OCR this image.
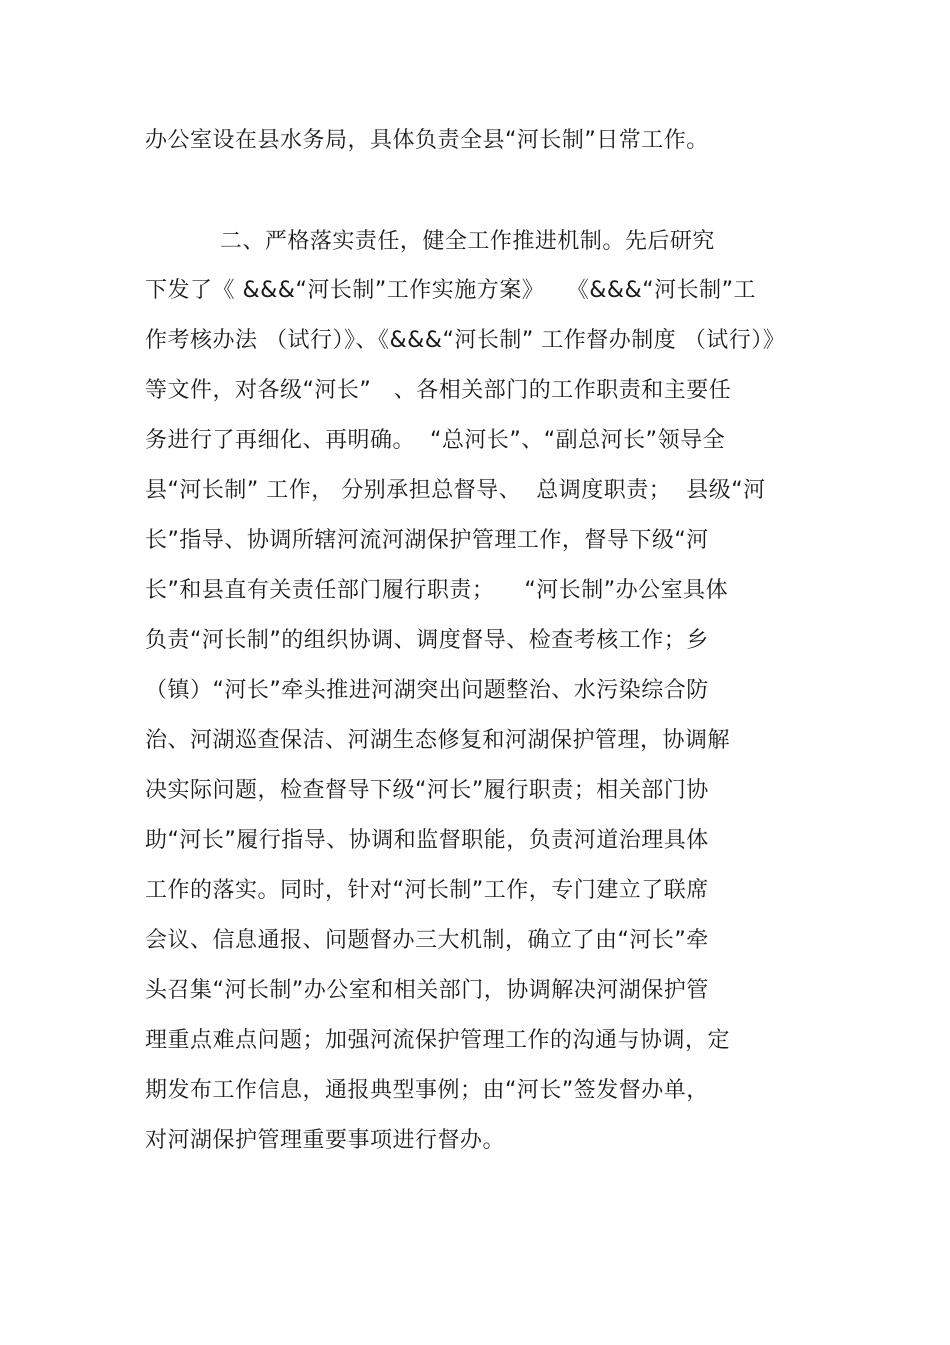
办公室设在县水务局，具体负责全县“河长制”日常工作。
二、严格落实责任，健全工作推进机制。先后研究
下发了《 &&&“河长制”工作实施方案》   《&&&“河长制”工
作考核办法 （试行）》、《&&&“河长制” 工作督办制度 （试行）》
等文件，对各级“河长”   、各相关部门的工作职责和主要任
务进行了再细化、再明确。  “总河长”、“副总河长”领导全
县“河长制” 工作， 分别承担总督导、  总调度职责；  县级“河
长”指导、协调所辖河流河湖保护管理工作，督导下级“河
长”和县直有关责任部门履行职责；    “河长制”办公室具体
负责“河长制”的组织协调、调度督导、检查考核工作；乡
（镇）“河长”牵头推进河湖突出问题整治、水污染综合防
治、河湖巡查保洁、河湖生态修复和河湖保护管理，协调解
决实际问题，检查督导下级“河长”履行职责；相关部门协
助“河长”履行指导、协调和监督职能，负责河道治理具体
工作的落实。同时，针对“河长制”工作，专门建立了联席
会议、信息通报、问题督办三大机制，确立了由“河长”牵
头召集“河长制”办公室和相关部门，协调解决河湖保护管
理重点难点问题；加强河流保护管理工作的沟通与协调，定
期发布工作信息，通报典型事例；由“河长”签发督办单，
对河湖保护管理重要事项进行督办。
